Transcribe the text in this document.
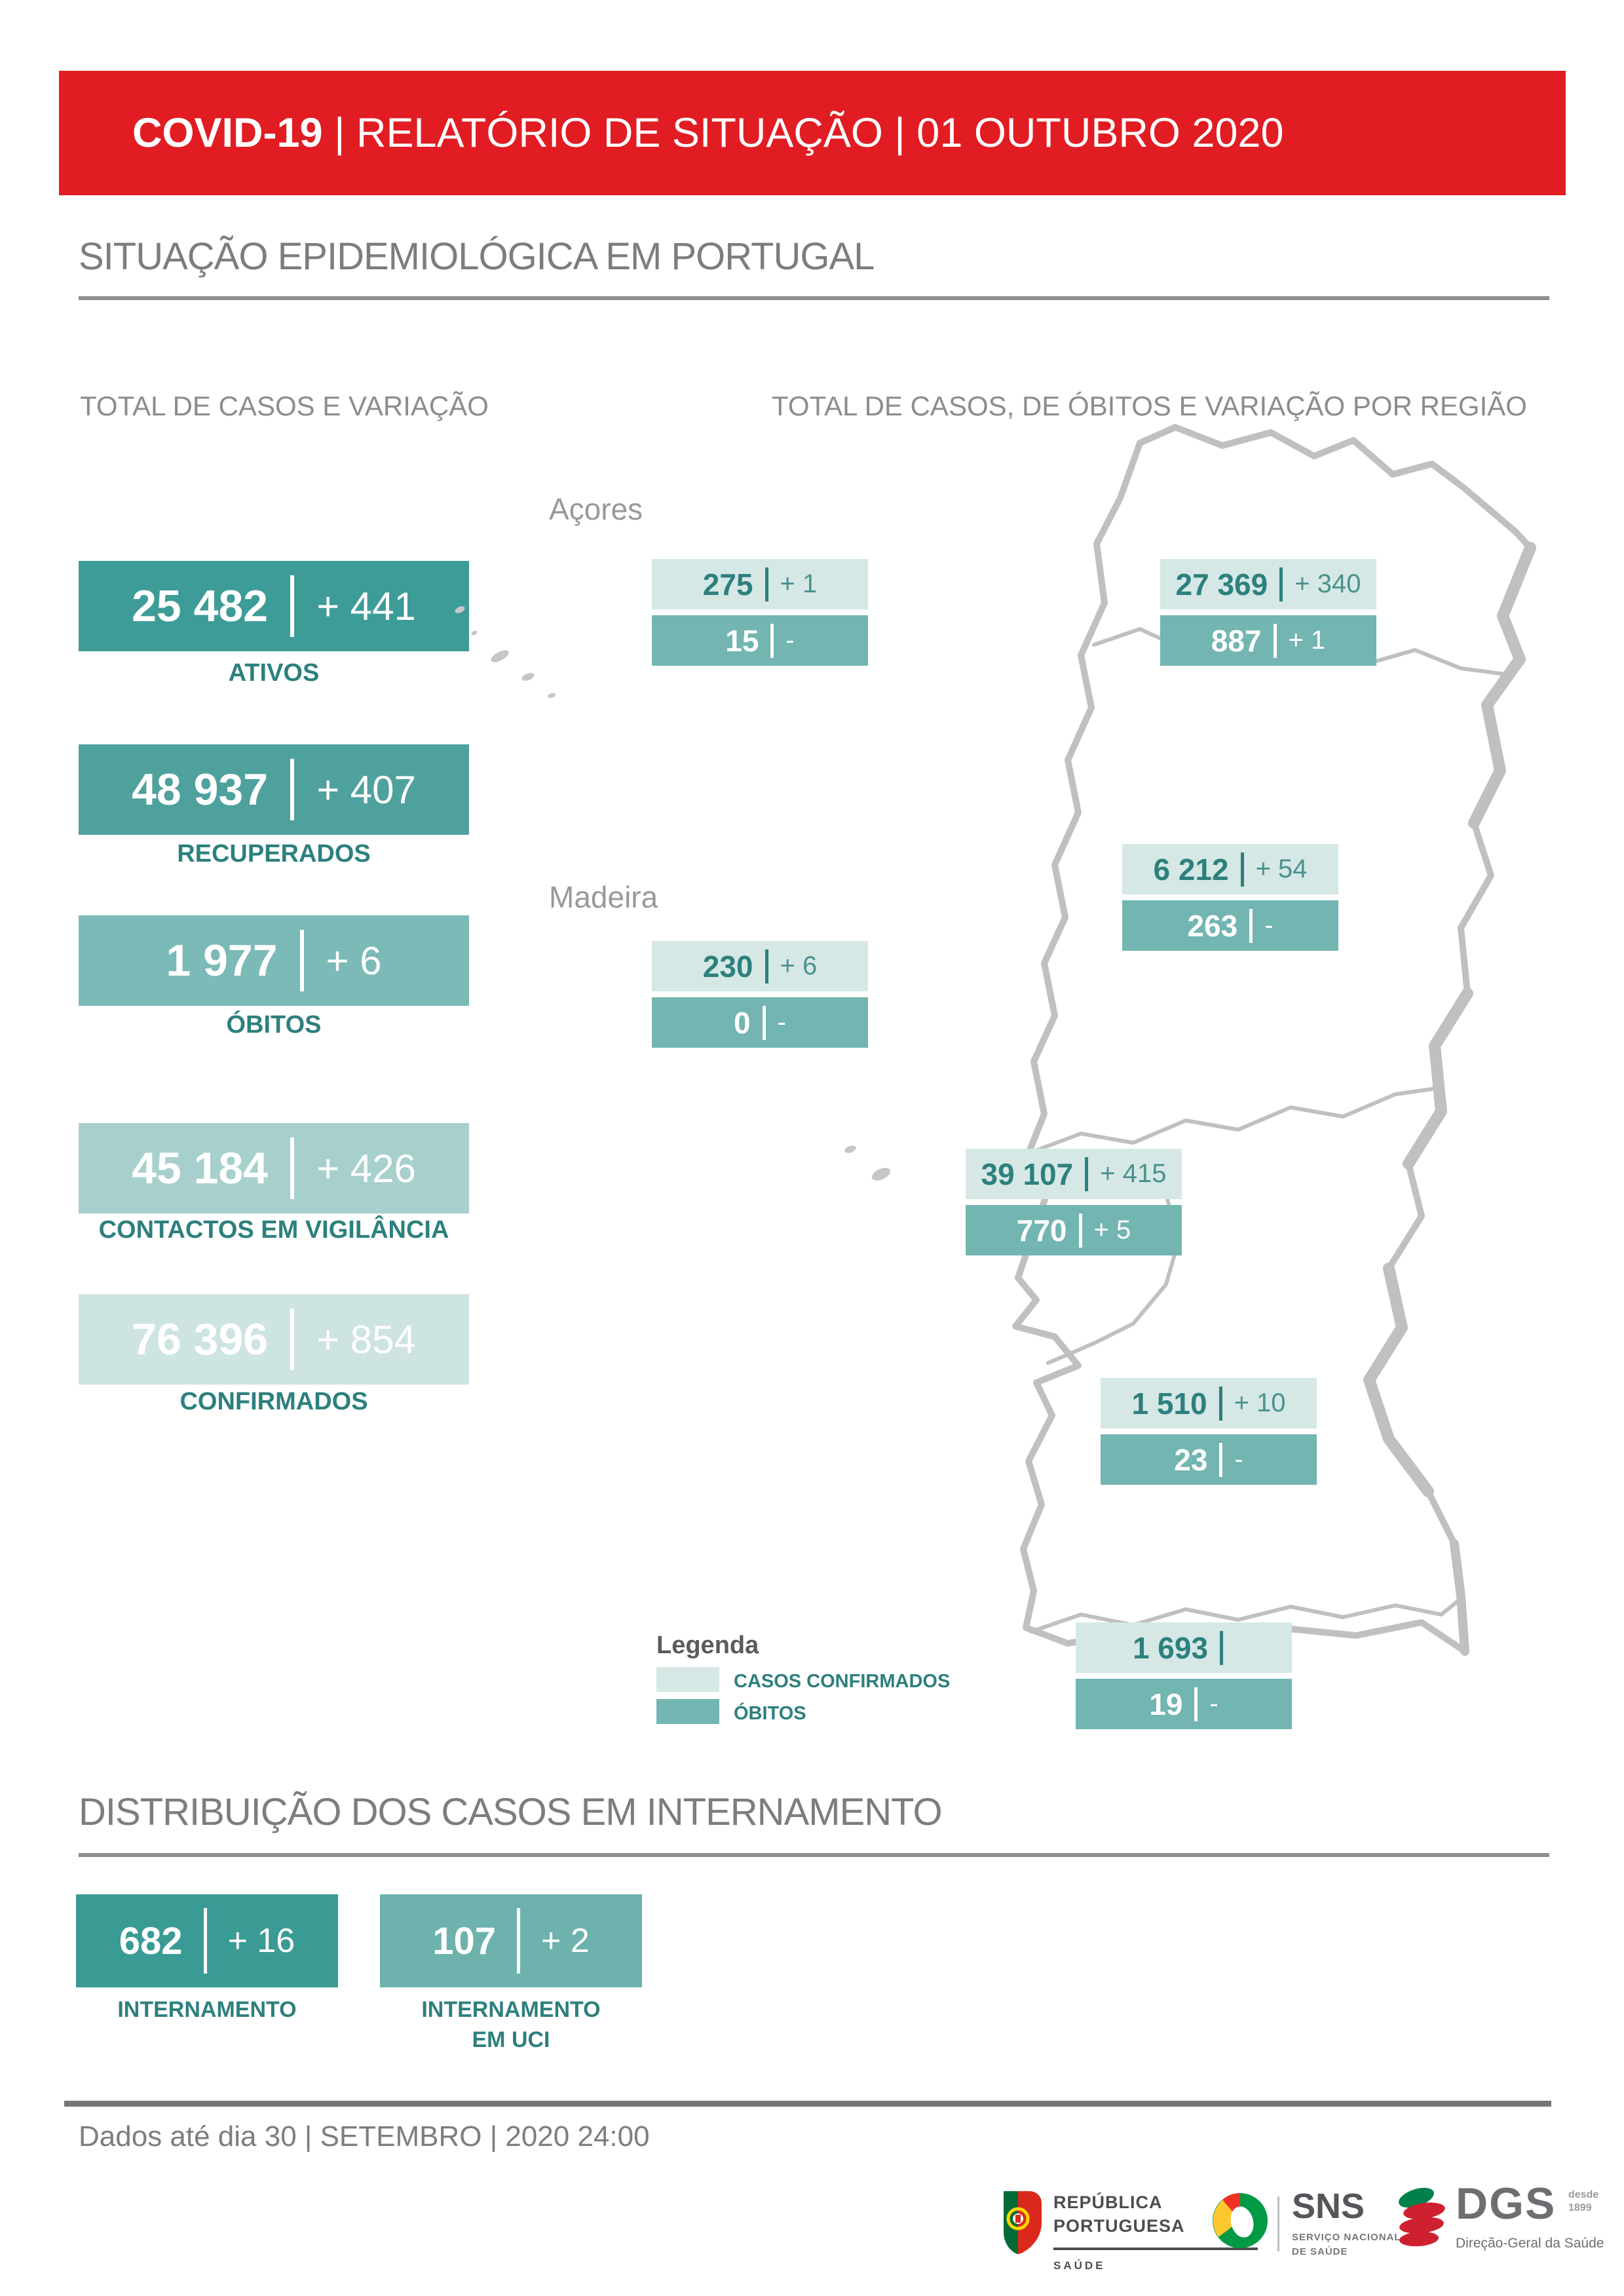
COVID-19 | RELATÓRIO DE SITUAÇÃO | 01 OUTUBRO 2020
SITUAÇÃO EPIDEMIOLÓGICA EM PORTUGAL
TOTAL DE CASOS E VARIAÇÃO	TOTAL DE CASOS, DE ÓBITOS E VARIAÇÃO POR REGIÃO
25 482 + 441
ATIVOS
48 937 + 407
RECUPERADOS
1 977 + 6
ÓBITOS
45 184 + 426
CONTACTOS EM VIGILÂNCIA
76 396 + 854
CONFIRMADOS
Açores
Madeira
275 + 1
15 -
27 369 + 340
887 + 1
6 212 + 54
263 -
230 + 6
0 -
39 107 + 415
770 + 5
1 510 + 10
23 -
1 693
19 -
Legenda
CASOS CONFIRMADOS
ÓBITOS
DISTRIBUIÇÃO DOS CASOS EM INTERNAMENTO
682 + 16
INTERNAMENTO
107 + 2
INTERNAMENTO
EM UCI
Dados até dia 30 | SETEMBRO | 2020 24:00
REPÚBLICA
PORTUGUESA
SAÚDE
SNS
SERVIÇO NACIONAL
DE SAÚDE
DGS desde
1899
Direção-Geral da Saúde
